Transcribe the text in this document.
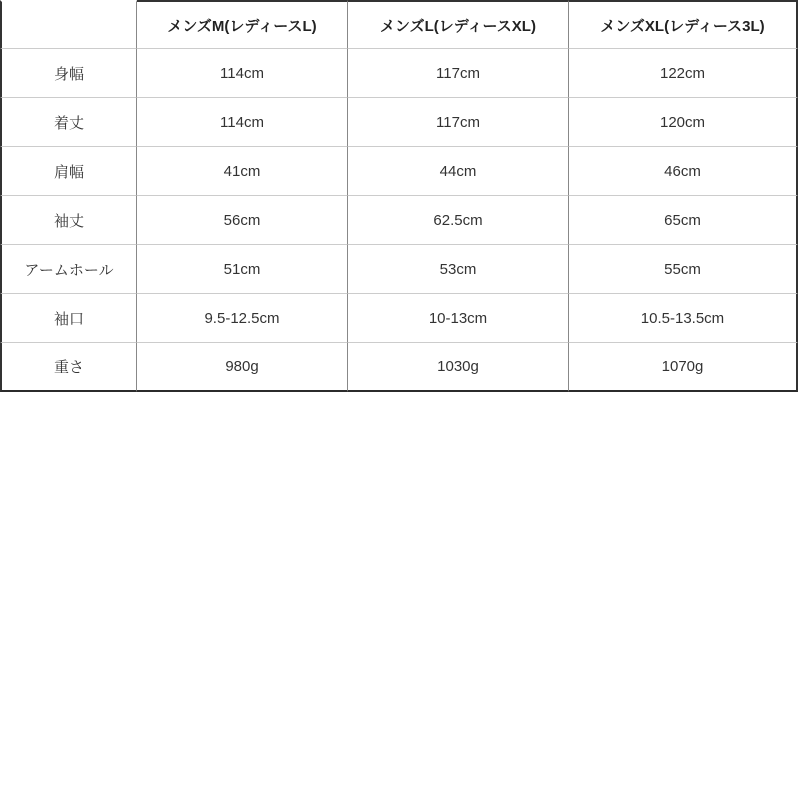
	メンズM(レディースL)	メンズL(レディースXL)	メンズXL(レディース3L)
身幅	114cm	117cm	122cm
着丈	114cm	117cm	120cm
肩幅	41cm	44cm	46cm
袖丈	56cm	62.5cm	65cm
アームホール	51cm	53cm	55cm
袖口	9.5-12.5cm	10-13cm	10.5-13.5cm
重さ	980g	1030g	1070g
